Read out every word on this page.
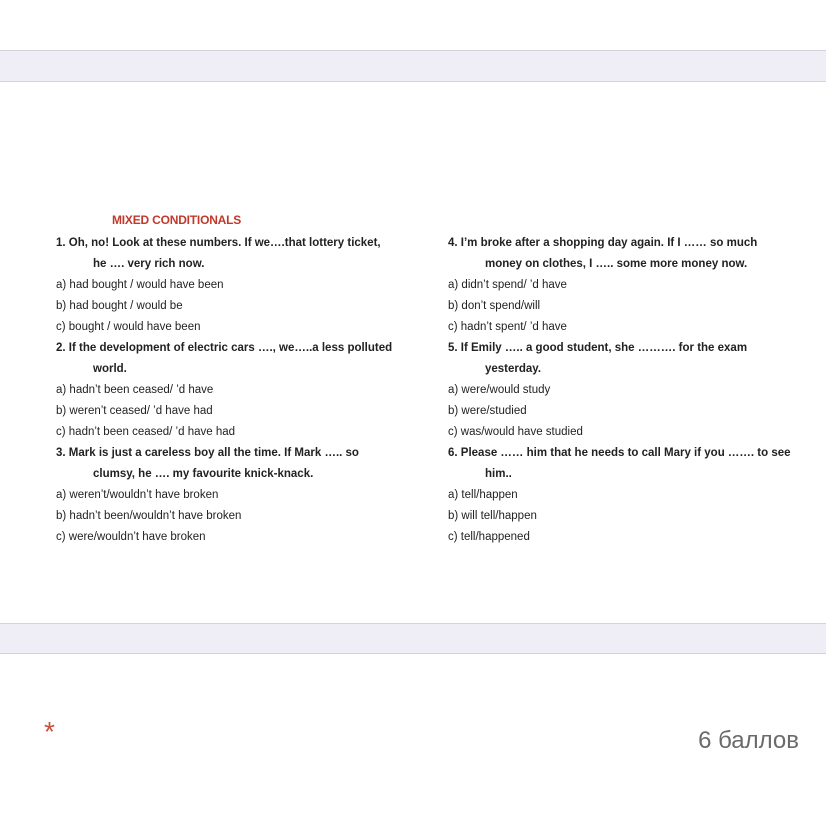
MIXED CONDITIONALS
1. Oh, no! Look at these numbers. If we….that lottery ticket,
he …. very rich now.
a) had bought / would have been
b) had bought / would be
c) bought / would have been
2. If the development of electric cars …., we…..a less polluted
world.
a) hadn’t been ceased/ ’d have
b) weren’t ceased/ ’d have had
c) hadn’t been ceased/ ’d have had
3. Mark is just a careless boy all the time. If Mark ….. so
clumsy, he …. my favourite knick-knack.
a) weren’t/wouldn’t have broken
b) hadn’t been/wouldn’t have broken
c) were/wouldn’t have broken
4. I’m broke after a shopping day again. If I …… so much
money on clothes, I ….. some more money now.
a) didn’t spend/ ’d have
b) don’t spend/will
c) hadn’t spent/ ’d have
5. If Emily ….. a good student, she ………. for the exam
yesterday.
a) were/would study
b) were/studied
c) was/would have studied
6. Please …… him that he needs to call Mary if you ……. to see
him..
a) tell/happen
b) will tell/happen
c) tell/happened
*	6 баллов
